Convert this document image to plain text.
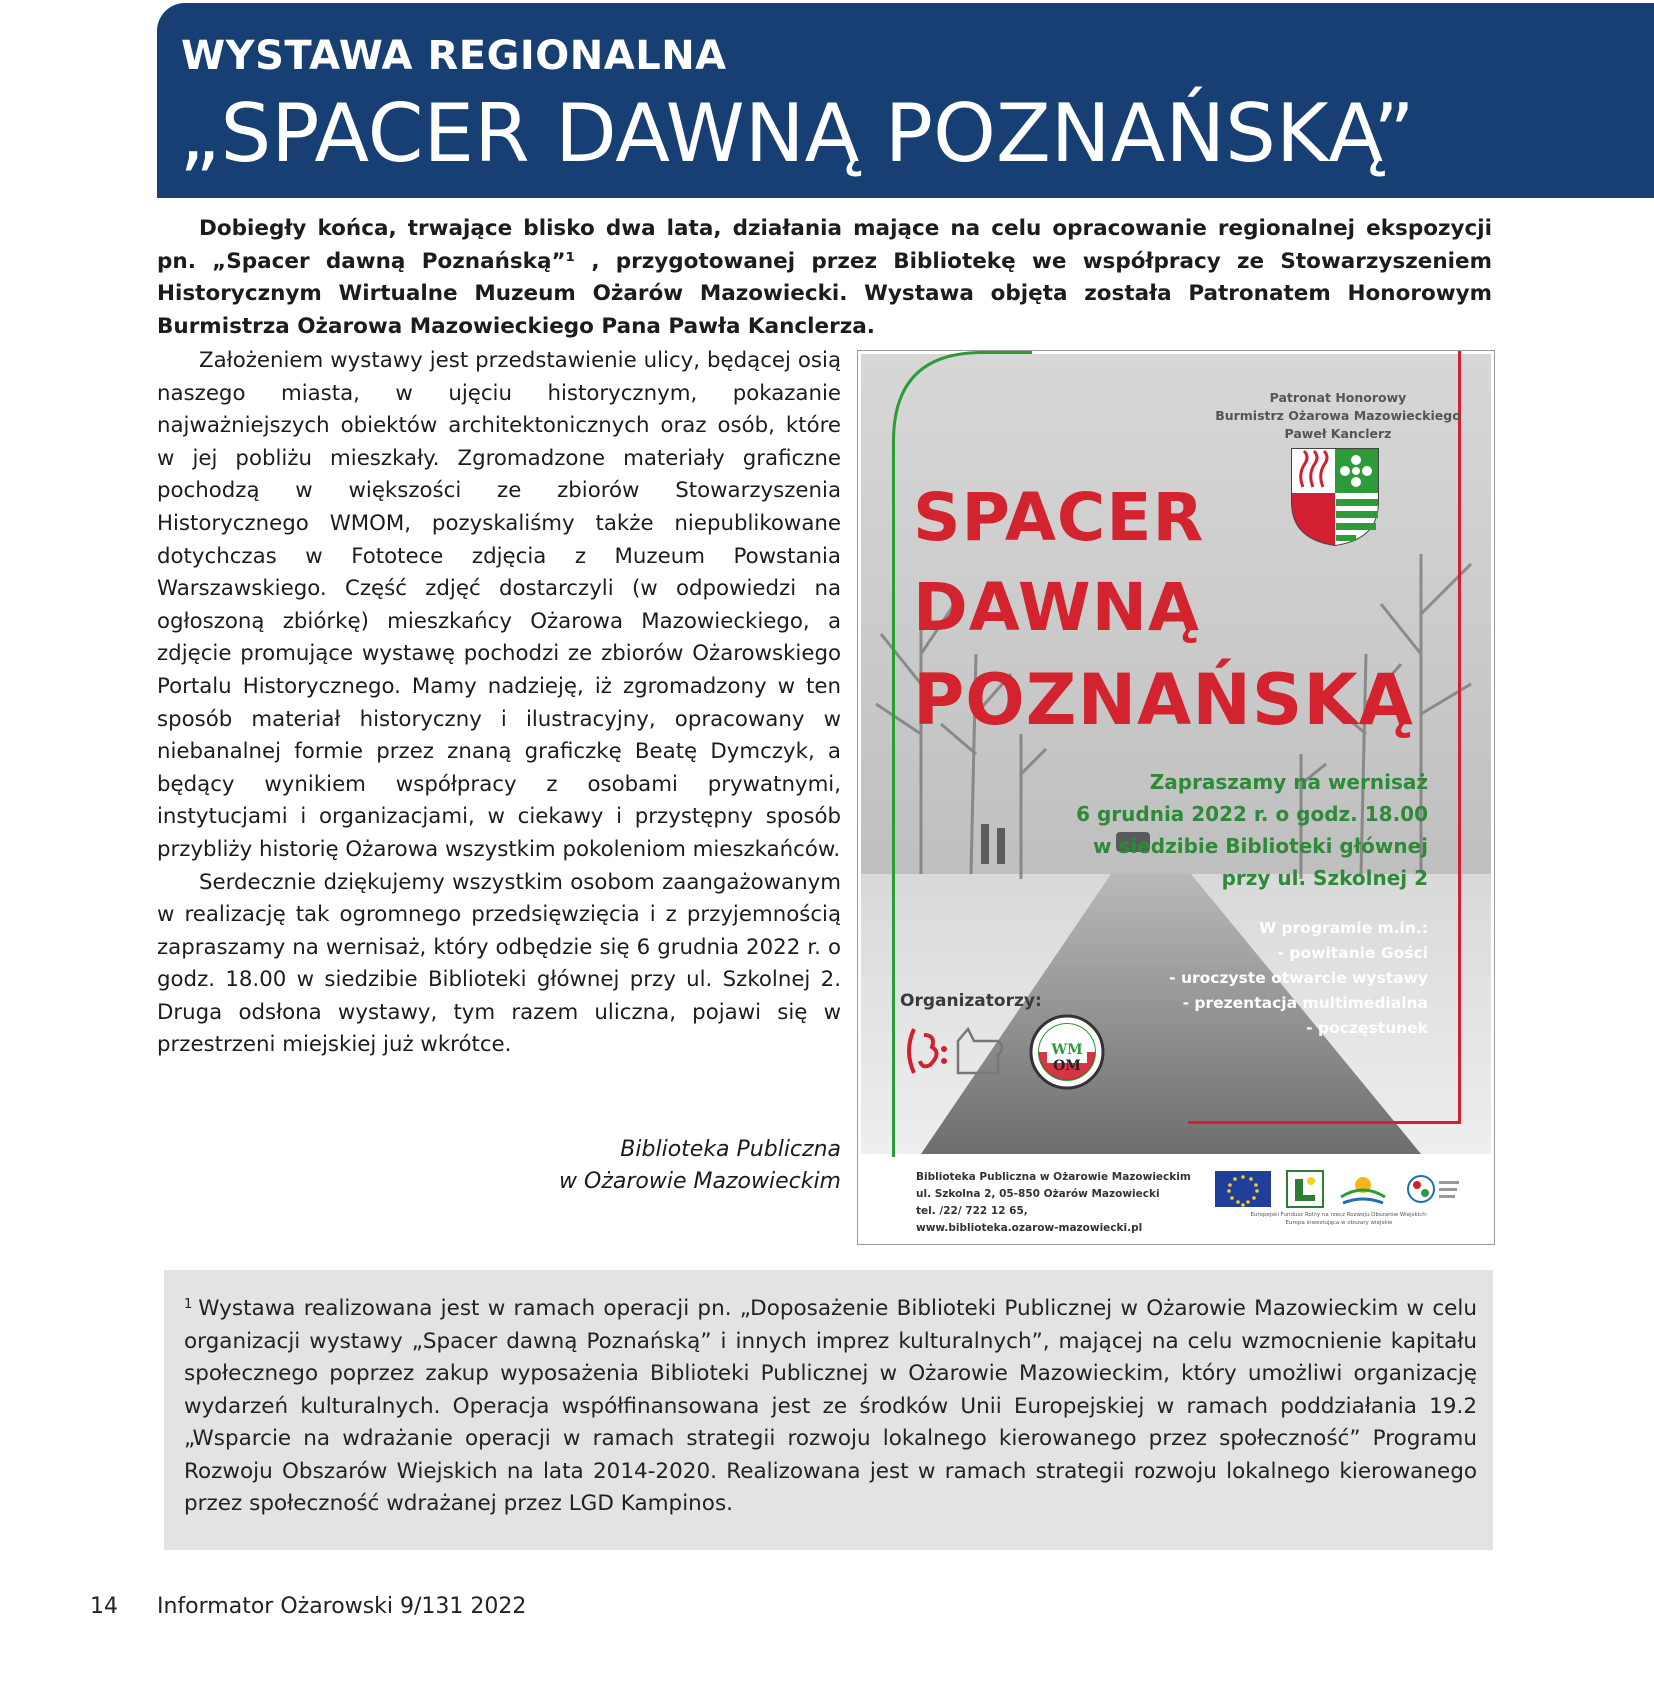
WYSTAWA REGIONALNA
„SPACER DAWNĄ POZNAŃSKĄ”
Dobiegły końca, trwające blisko dwa lata, działania mające na celu opracowanie regionalnej ekspozycji pn. „Spacer dawną Poznańską”¹ , przygotowanej przez Bibliotekę we współpracy ze Stowarzyszeniem Historycznym Wirtualne Muzeum Ożarów Mazowiecki. Wystawa objęta została Patronatem Honorowym Burmistrza Ożarowa Mazowieckiego Pana Pawła Kanclerza.

Założeniem wystawy jest przedstawienie ulicy, będącej osią naszego miasta, w ujęciu historycznym, pokazanie najważniejszych obiektów architektonicznych oraz osób, które w jej pobliżu mieszkały. Zgromadzone materiały graficzne pochodzą w większości ze zbiorów Stowarzyszenia Historycznego WMOM, pozyskaliśmy także niepublikowane dotychczas w Fototece zdjęcia z Muzeum Powstania Warszawskiego. Część zdjęć dostarczyli (w odpowiedzi na ogłoszoną zbiórkę) mieszkańcy Ożarowa Mazowieckiego, a zdjęcie promujące wystawę pochodzi ze zbiorów Ożarowskiego Portalu Historycznego. Mamy nadzieję, iż zgromadzony w ten sposób materiał historyczny i ilustracyjny, opracowany w niebanalnej formie przez znaną graficzkę Beatę Dymczyk, a będący wynikiem współpracy z osobami prywatnymi, instytucjami i organizacjami, w ciekawy i przystępny sposób przybliży historię Ożarowa wszystkim pokoleniom mieszkańców.

Serdecznie dziękujemy wszystkim osobom zaangażowanym w realizację tak ogromnego przedsięwzięcia i z przyjemnością zapraszamy na wernisaż, który odbędzie się 6 grudnia 2022 r. o godz. 18.00 w siedzibie Biblioteki głównej przy ul. Szkolnej 2. Druga odsłona wystawy, tym razem uliczna, pojawi się w przestrzeni miejskiej już wkrótce.

Biblioteka Publiczna
w Ożarowie Mazowieckim
Patronat Honorowy
Burmistrz Ożarowa Mazowieckiego
Paweł Kanclerz
SPACER
DAWNĄ
POZNAŃSKĄ
Zapraszamy na wernisaż
6 grudnia 2022 r. o godz. 18.00
w siedzibie Biblioteki głównej
przy ul. Szkolnej 2
W programie m.in.:
- powitanie Gości
- uroczyste otwarcie wystawy
- prezentacja multimedialna
- poczęstunek
Organizatorzy:
WM
OM
Biblioteka Publiczna w Ożarowie Mazowieckim
ul. Szkolna 2, 05-850 Ożarów Mazowiecki
tel. /22/ 722 12 65,
www.biblioteka.ozarow-mazowiecki.pl
Europejski Fundusz Rolny na rzecz Rozwoju Obszarów Wiejskich:
Europa inwestująca w obszary wiejskie
$^1$ Wystawa realizowana jest w ramach operacji pn. „Doposażenie Biblioteki Publicznej w Ożarowie Mazowieckim w celu organizacji wystawy „Spacer dawną Poznańską” i innych imprez kulturalnych”, mającej na celu wzmocnienie kapitału społecznego poprzez zakup wyposażenia Biblioteki Publicznej w Ożarowie Mazowieckim, który umożliwi organizację wydarzeń kulturalnych. Operacja współfinansowana jest ze środków Unii Europejskiej w ramach poddziałania 19.2 „Wsparcie na wdrażanie operacji w ramach strategii rozwoju lokalnego kierowanego przez społeczność” Programu Rozwoju Obszarów Wiejskich na lata 2014-2020. Realizowana jest w ramach strategii rozwoju lokalnego kierowanego przez społeczność wdrażanej przez LGD Kampinos.
14 Informator Ożarowski 9/131 2022
